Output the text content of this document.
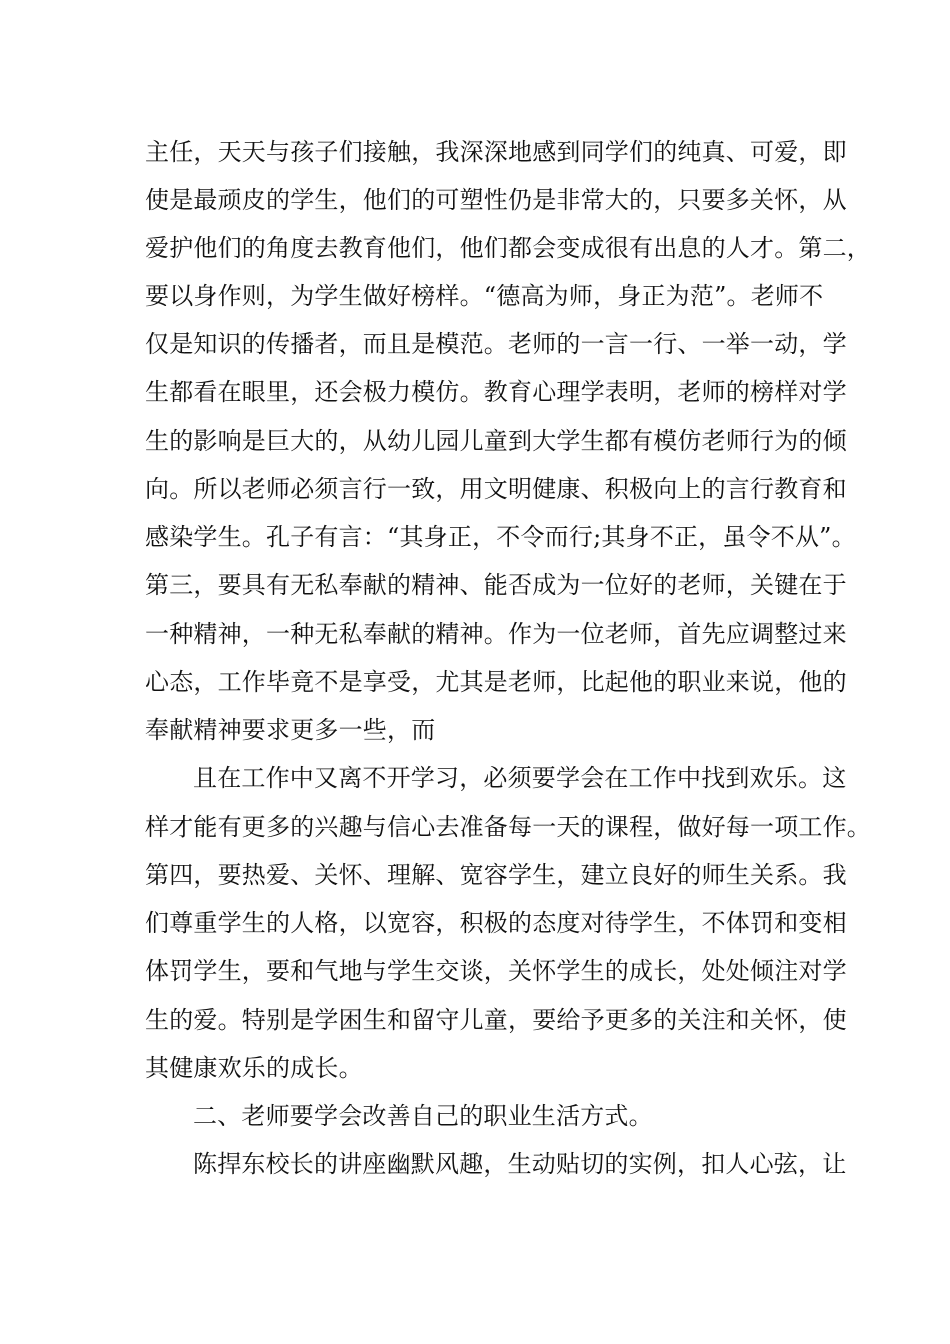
主任，天天与孩子们接触，我深深地感到同学们的纯真、可爱，即
使是最顽皮的学生，他们的可塑性仍是非常大的，只要多关怀，从
爱护他们的角度去教育他们，他们都会变成很有出息的人才。第二，
要以身作则，为学生做好榜样。“德高为师，身正为范”。老师不
仅是知识的传播者，而且是模范。老师的一言一行、一举一动，学
生都看在眼里，还会极力模仿。教育心理学表明，老师的榜样对学
生的影响是巨大的，从幼儿园儿童到大学生都有模仿老师行为的倾
向。所以老师必须言行一致，用文明健康、积极向上的言行教育和
感染学生。孔子有言：“其身正，不令而行;其身不正，虽令不从”。
第三，要具有无私奉献的精神、能否成为一位好的老师，关键在于
一种精神，一种无私奉献的精神。作为一位老师，首先应调整过来
心态，工作毕竟不是享受，尤其是老师，比起他的职业来说，他的
奉献精神要求更多一些，而
且在工作中又离不开学习，必须要学会在工作中找到欢乐。这
样才能有更多的兴趣与信心去准备每一天的课程，做好每一项工作。
第四，要热爱、关怀、理解、宽容学生，建立良好的师生关系。我
们尊重学生的人格，以宽容，积极的态度对待学生，不体罚和变相
体罚学生，要和气地与学生交谈，关怀学生的成长，处处倾注对学
生的爱。特别是学困生和留守儿童，要给予更多的关注和关怀，使
其健康欢乐的成长。
二、老师要学会改善自己的职业生活方式。
陈捍东校长的讲座幽默风趣，生动贴切的实例，扣人心弦，让
